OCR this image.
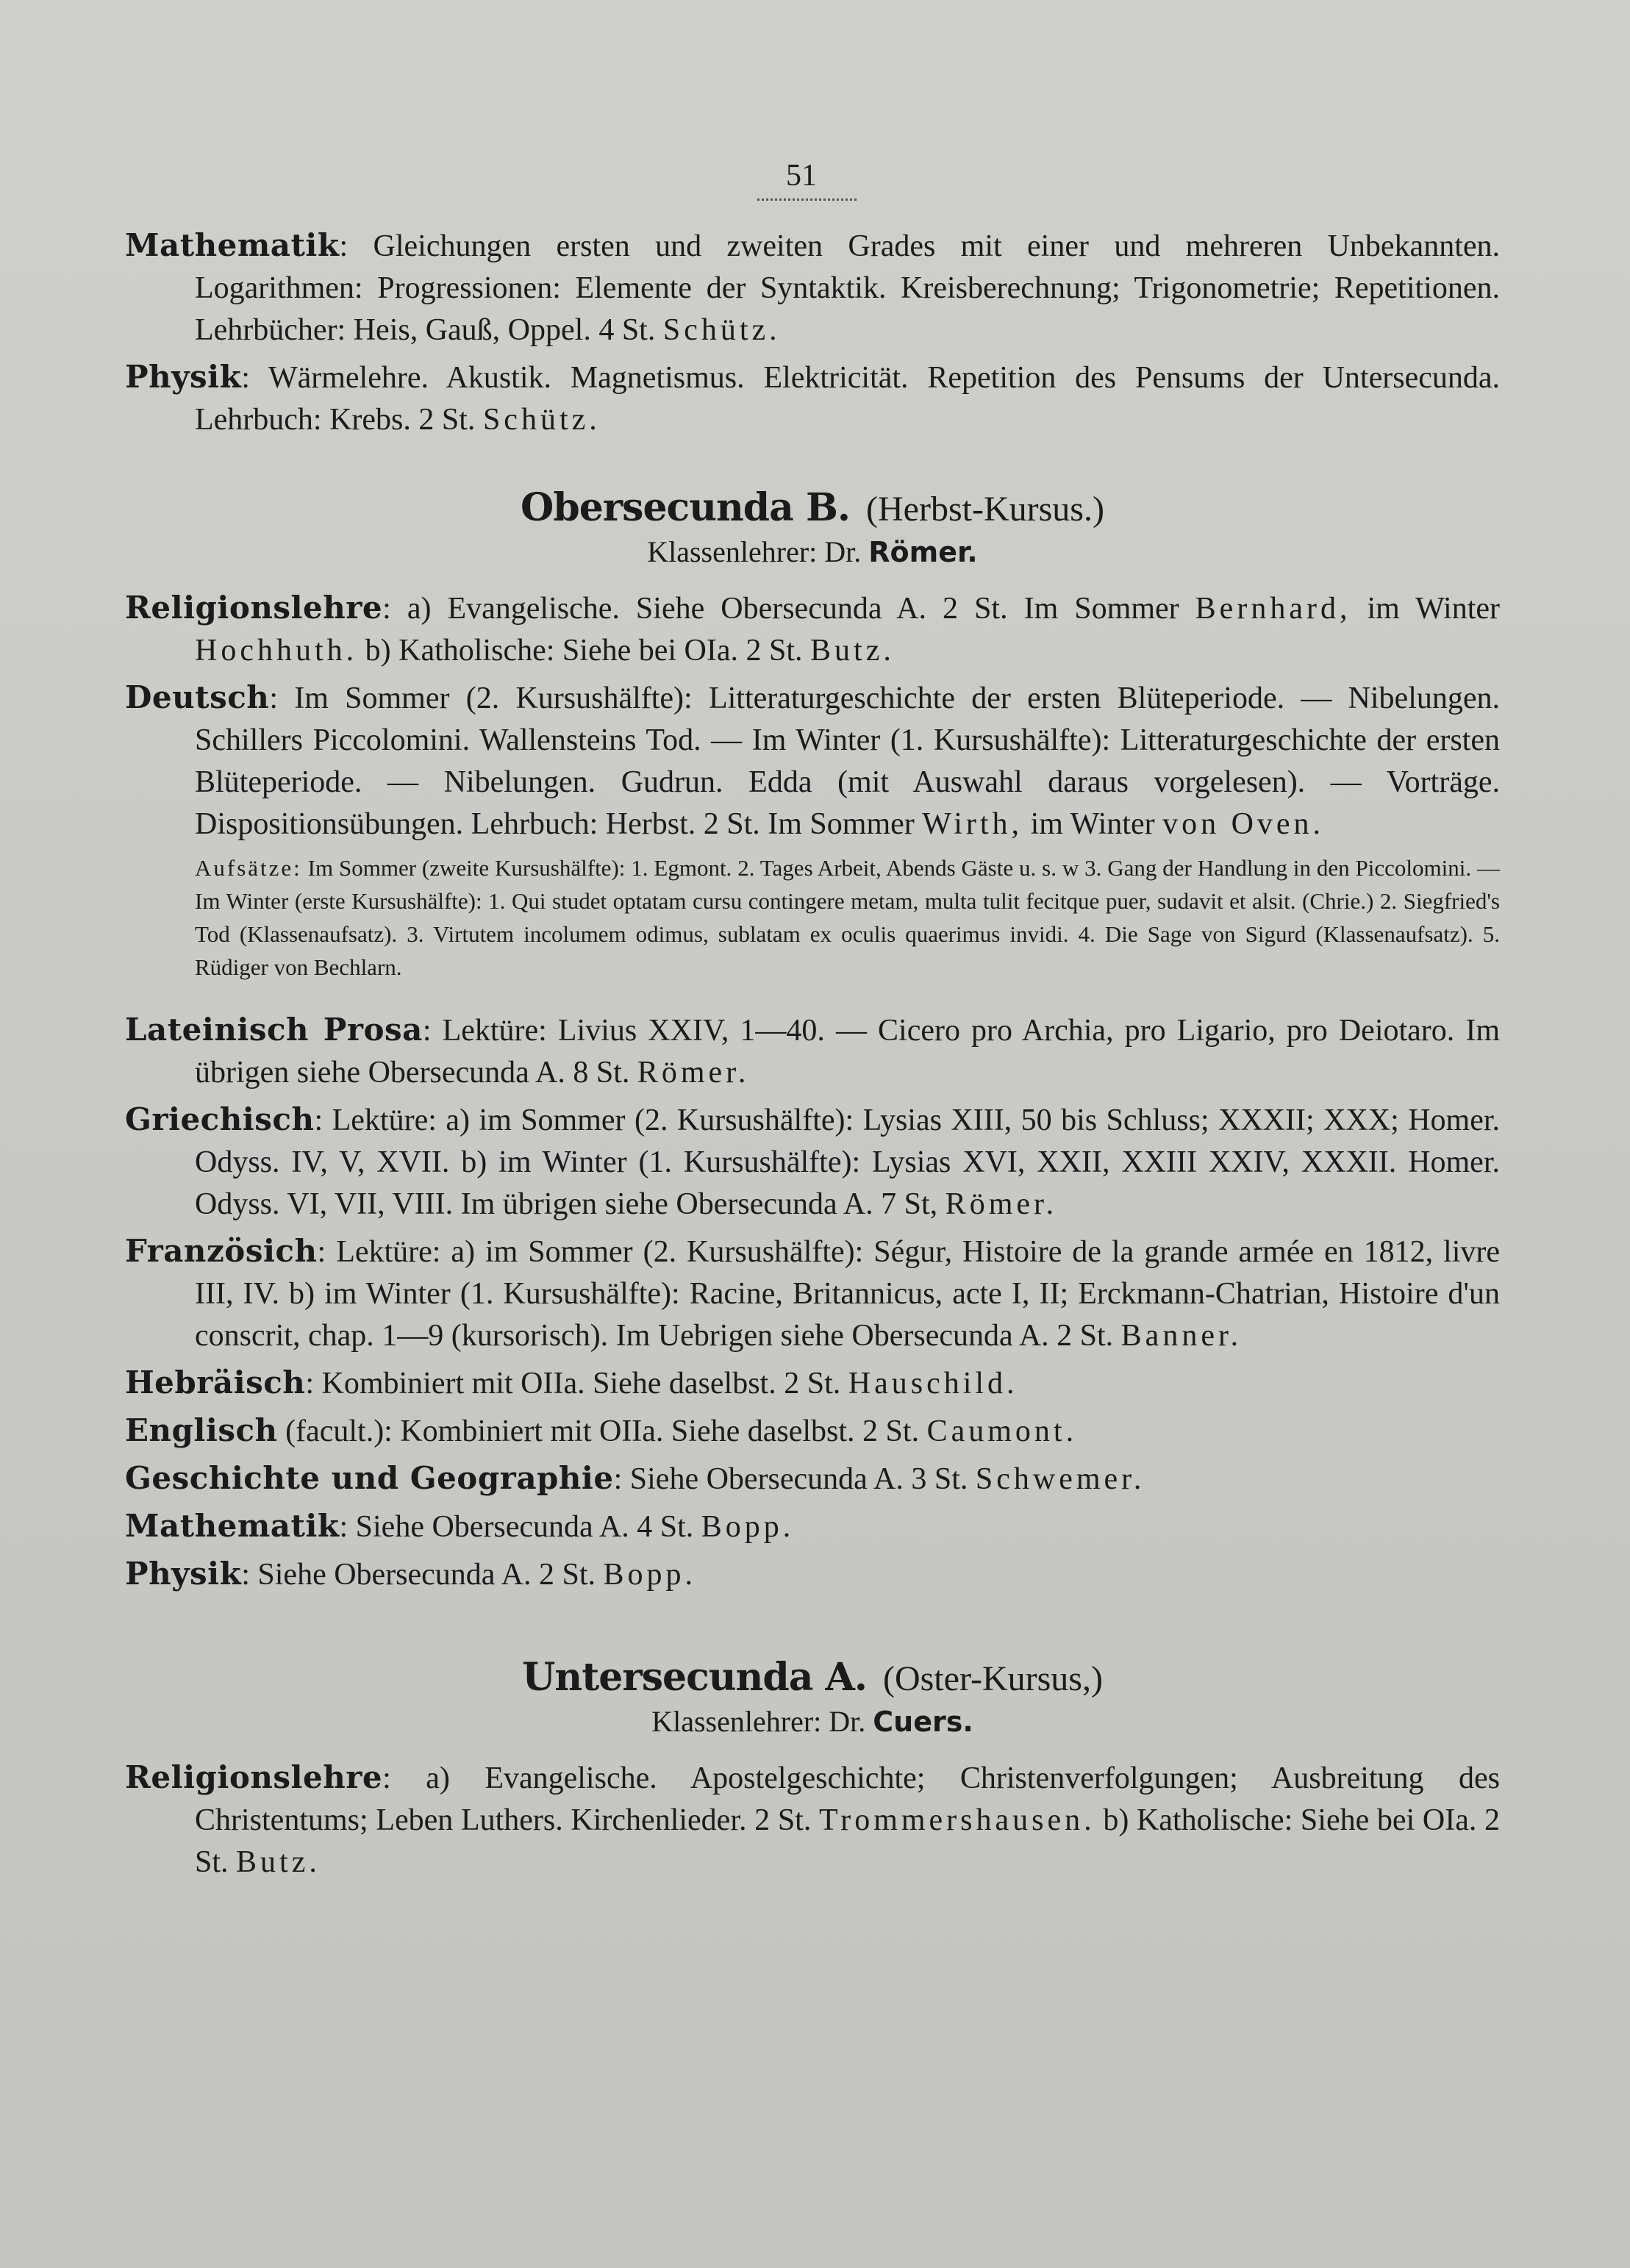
51

Mathematik: Gleichungen ersten und zweiten Grades mit einer und mehreren Unbekannten. Logarithmen: Progressionen: Elemente der Syntaktik. Kreisberechnung; Trigonometrie; Repetitionen. Lehrbücher: Heis, Gauß, Oppel. 4 St. Schütz.

Physik: Wärmelehre. Akustik. Magnetismus. Elektricität. Repetition des Pensums der Untersecunda. Lehrbuch: Krebs. 2 St. Schütz.

Obersecunda B. (Herbst-Kursus.)
Klassenlehrer: Dr. Römer.

Religionslehre: a) Evangelische. Siehe Obersecunda A. 2 St. Im Sommer Bernhard, im Winter Hochhuth. b) Katholische: Siehe bei OIa. 2 St. Butz.

Deutsch: Im Sommer (2. Kursushälfte): Litteraturgeschichte der ersten Blüteperiode. — Nibelungen. Schillers Piccolomini. Wallensteins Tod. — Im Winter (1. Kursushälfte): Litteraturgeschichte der ersten Blüteperiode. — Nibelungen. Gudrun. Edda (mit Auswahl daraus vorgelesen). — Vorträge. Dispositionsübungen. Lehrbuch: Herbst. 2 St. Im Sommer Wirth, im Winter von Oven.

Aufsätze: Im Sommer (zweite Kursushälfte): 1. Egmont. 2. Tages Arbeit, Abends Gäste u. s. w 3. Gang der Handlung in den Piccolomini. — Im Winter (erste Kursushälfte): 1. Qui studet optatam cursu contingere metam, multa tulit fecitque puer, sudavit et alsit. (Chrie.) 2. Siegfried's Tod (Klassenaufsatz). 3. Virtutem incolumem odimus, sublatam ex oculis quaerimus invidi. 4. Die Sage von Sigurd (Klassenaufsatz). 5. Rüdiger von Bechlarn.

Lateinisch Prosa: Lektüre: Livius XXIV, 1—40. — Cicero pro Archia, pro Ligario, pro Deiotaro. Im übrigen siehe Obersecunda A. 8 St. Römer.

Griechisch: Lektüre: a) im Sommer (2. Kursushälfte): Lysias XIII, 50 bis Schluss; XXXII; XXX; Homer. Odyss. IV, V, XVII. b) im Winter (1. Kursushälfte): Lysias XVI, XXII, XXIII XXIV, XXXII. Homer. Odyss. VI, VII, VIII. Im übrigen siehe Obersecunda A. 7 St, Römer.

Französich: Lektüre: a) im Sommer (2. Kursushälfte): Ségur, Histoire de la grande armée en 1812, livre III, IV. b) im Winter (1. Kursushälfte): Racine, Britannicus, acte I, II; Erckmann-Chatrian, Histoire d'un conscrit, chap. 1—9 (kursorisch). Im Uebrigen siehe Obersecunda A. 2 St. Banner.

Hebräisch: Kombiniert mit OIIa. Siehe daselbst. 2 St. Hauschild.

Englisch (facult.): Kombiniert mit OIIa. Siehe daselbst. 2 St. Caumont.

Geschichte und Geographie: Siehe Obersecunda A. 3 St. Schwemer.

Mathematik: Siehe Obersecunda A. 4 St. Bopp.

Physik: Siehe Obersecunda A. 2 St. Bopp.

Untersecunda A. (Oster-Kursus,)
Klassenlehrer: Dr. Cuers.

Religionslehre: a) Evangelische. Apostelgeschichte; Christenverfolgungen; Ausbreitung des Christentums; Leben Luthers. Kirchenlieder. 2 St. Trommershausen. b) Katholische: Siehe bei OIa. 2 St. Butz.
